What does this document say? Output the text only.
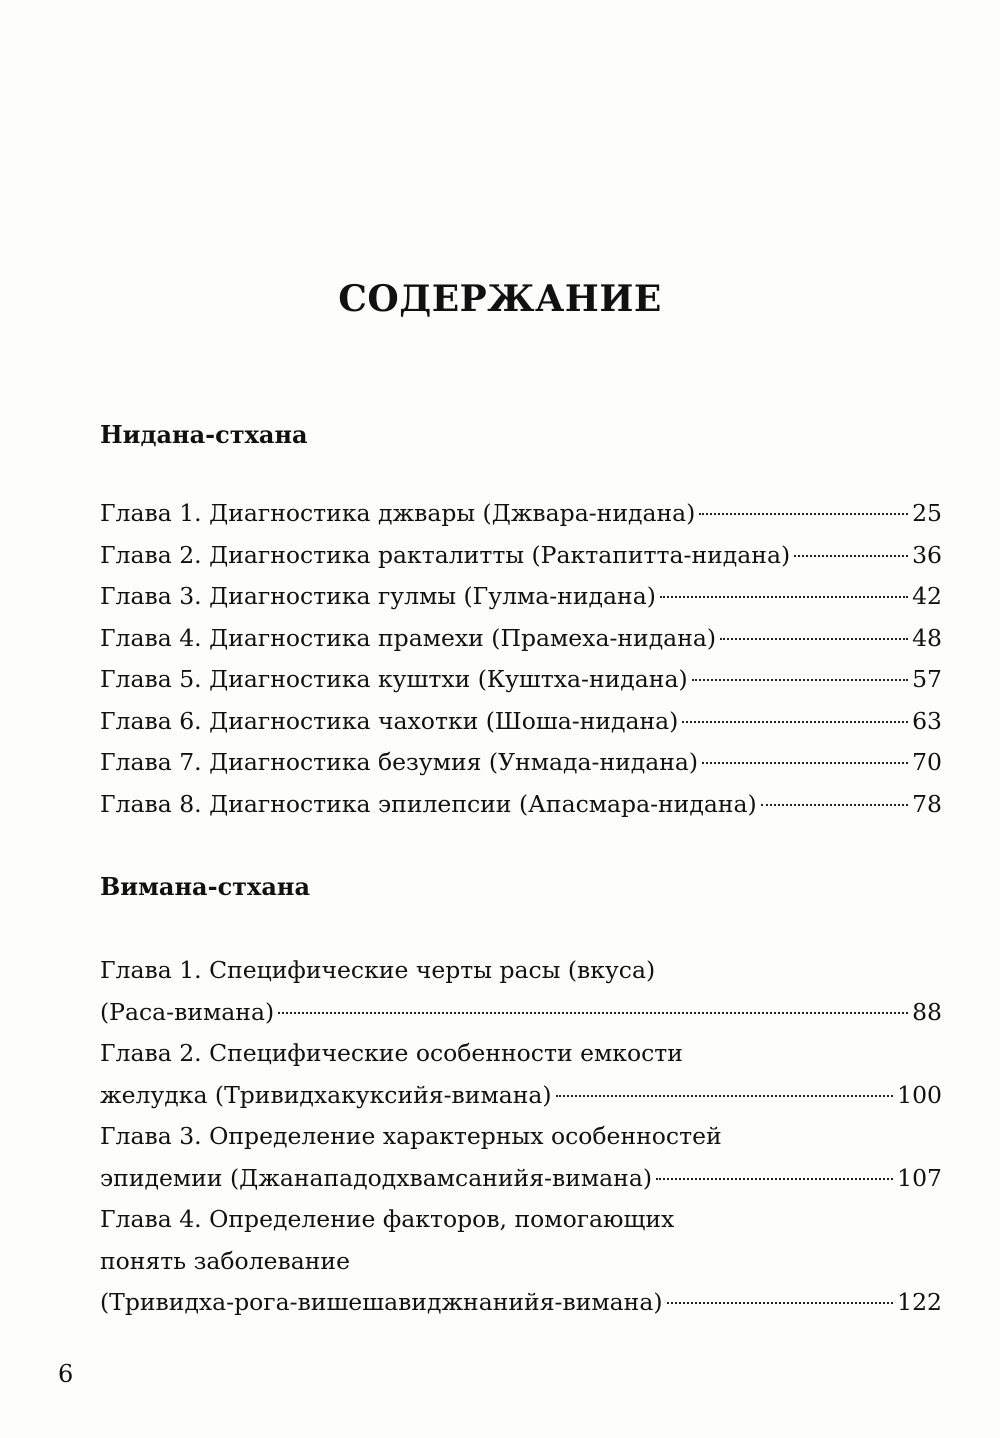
СОДЕРЖАНИЕ
Нидана-стхана
Глава 1. Диагностика джвары (Джвара-нидана)	25
Глава 2. Диагностика ракталитты (Рактапитта-нидана)	36
Глава 3. Диагностика гулмы (Гулма-нидана)	42
Глава 4. Диагностика прамехи (Прамеха-нидана)	48
Глава 5. Диагностика куштхи (Куштха-нидана)	57
Глава 6. Диагностика чахотки (Шоша-нидана)	63
Глава 7. Диагностика безумия (Унмада-нидана)	70
Глава 8. Диагностика эпилепсии (Апасмара-нидана)	78
Вимана-стхана
Глава 1. Специфические черты расы (вкуса)
(Раса-вимана)	88
Глава 2. Специфические особенности емкости
желудка (Тривидхакуксийя-вимана)	100
Глава 3. Определение характерных особенностей
эпидемии (Джанападодхвамсанийя-вимана)	107
Глава 4. Определение факторов, помогающих
понять заболевание
(Тривидха-рога-вишешавиджнанийя-вимана)	122
6
